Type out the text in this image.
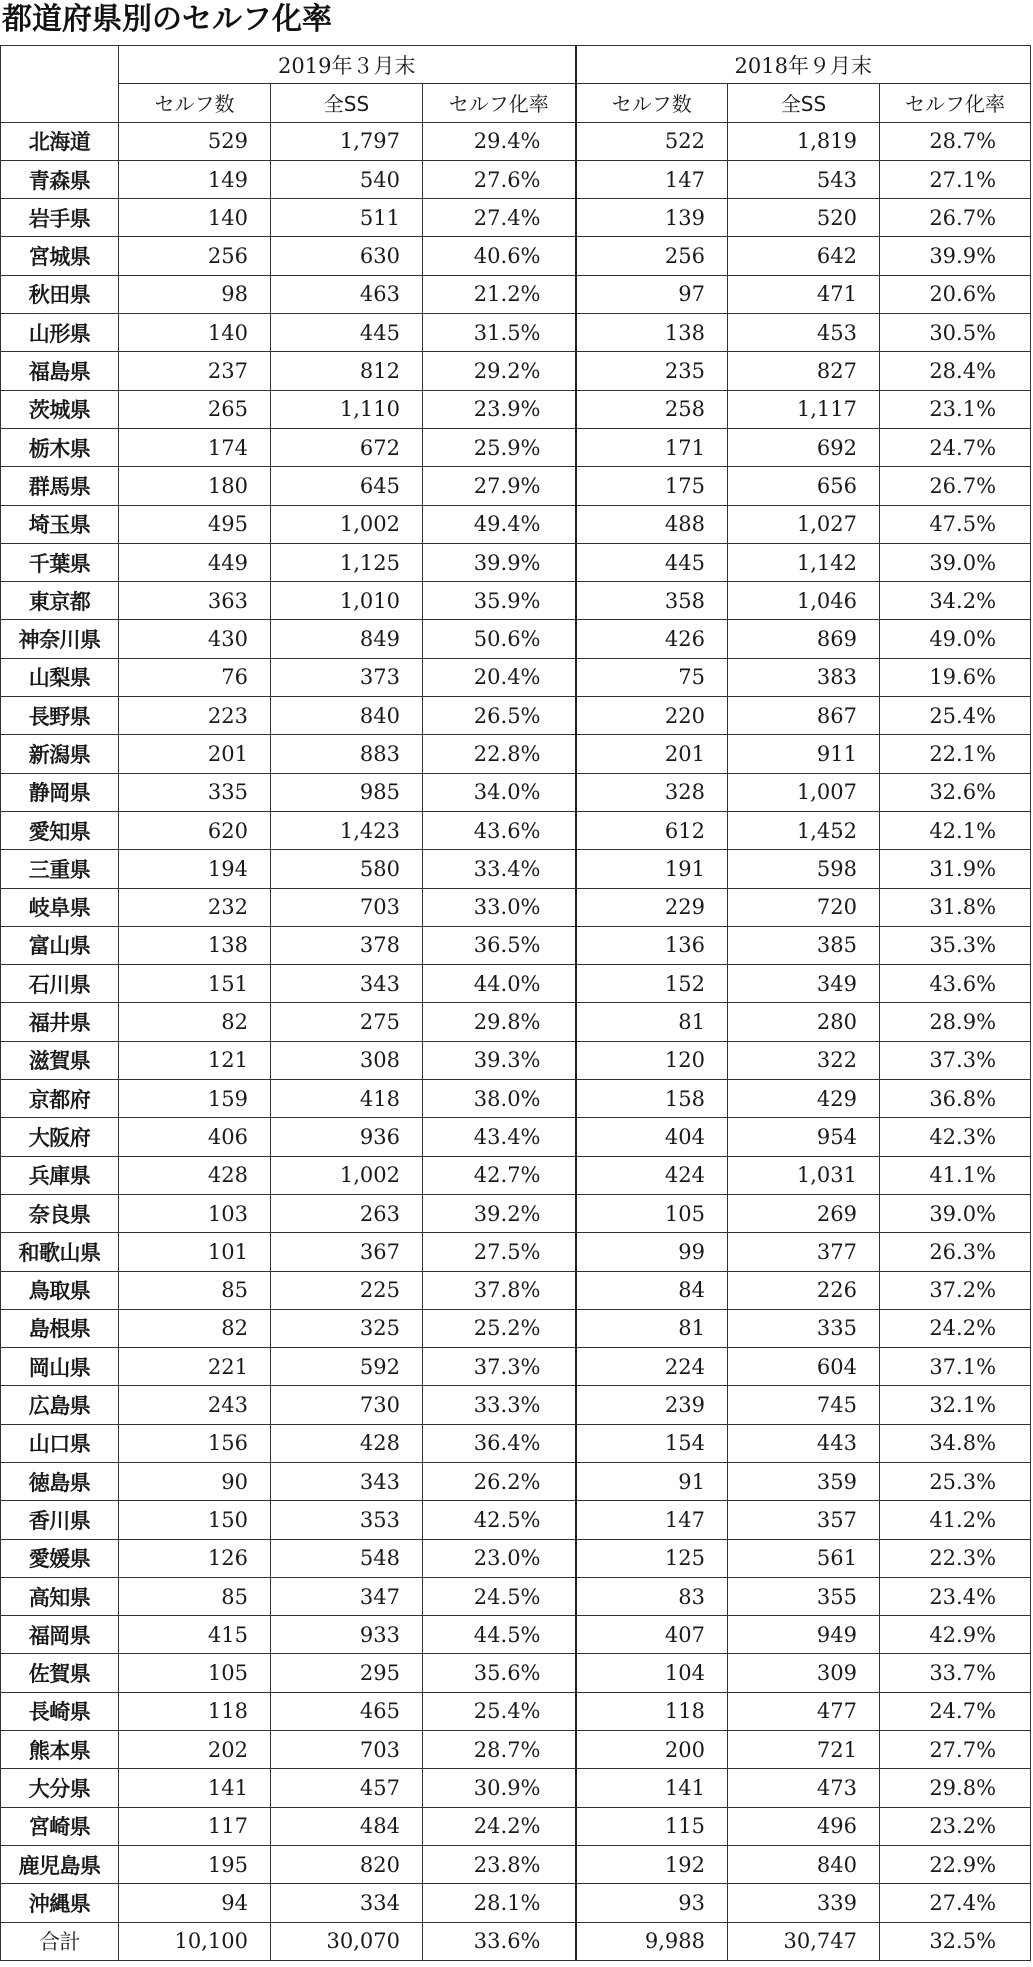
都道府県別のセルフ化率
	2019年３月末			2018年９月末		
	セルフ数	全SS	セルフ化率	セルフ数	全SS	セルフ化率
北海道	529	1,797	29.4%	522	1,819	28.7%
青森県	149	540	27.6%	147	543	27.1%
岩手県	140	511	27.4%	139	520	26.7%
宮城県	256	630	40.6%	256	642	39.9%
秋田県	98	463	21.2%	97	471	20.6%
山形県	140	445	31.5%	138	453	30.5%
福島県	237	812	29.2%	235	827	28.4%
茨城県	265	1,110	23.9%	258	1,117	23.1%
栃木県	174	672	25.9%	171	692	24.7%
群馬県	180	645	27.9%	175	656	26.7%
埼玉県	495	1,002	49.4%	488	1,027	47.5%
千葉県	449	1,125	39.9%	445	1,142	39.0%
東京都	363	1,010	35.9%	358	1,046	34.2%
神奈川県	430	849	50.6%	426	869	49.0%
山梨県	76	373	20.4%	75	383	19.6%
長野県	223	840	26.5%	220	867	25.4%
新潟県	201	883	22.8%	201	911	22.1%
静岡県	335	985	34.0%	328	1,007	32.6%
愛知県	620	1,423	43.6%	612	1,452	42.1%
三重県	194	580	33.4%	191	598	31.9%
岐阜県	232	703	33.0%	229	720	31.8%
富山県	138	378	36.5%	136	385	35.3%
石川県	151	343	44.0%	152	349	43.6%
福井県	82	275	29.8%	81	280	28.9%
滋賀県	121	308	39.3%	120	322	37.3%
京都府	159	418	38.0%	158	429	36.8%
大阪府	406	936	43.4%	404	954	42.3%
兵庫県	428	1,002	42.7%	424	1,031	41.1%
奈良県	103	263	39.2%	105	269	39.0%
和歌山県	101	367	27.5%	99	377	26.3%
鳥取県	85	225	37.8%	84	226	37.2%
島根県	82	325	25.2%	81	335	24.2%
岡山県	221	592	37.3%	224	604	37.1%
広島県	243	730	33.3%	239	745	32.1%
山口県	156	428	36.4%	154	443	34.8%
徳島県	90	343	26.2%	91	359	25.3%
香川県	150	353	42.5%	147	357	41.2%
愛媛県	126	548	23.0%	125	561	22.3%
高知県	85	347	24.5%	83	355	23.4%
福岡県	415	933	44.5%	407	949	42.9%
佐賀県	105	295	35.6%	104	309	33.7%
長崎県	118	465	25.4%	118	477	24.7%
熊本県	202	703	28.7%	200	721	27.7%
大分県	141	457	30.9%	141	473	29.8%
宮崎県	117	484	24.2%	115	496	23.2%
鹿児島県	195	820	23.8%	192	840	22.9%
沖縄県	94	334	28.1%	93	339	27.4%
合計	10,100	30,070	33.6%	9,988	30,747	32.5%
